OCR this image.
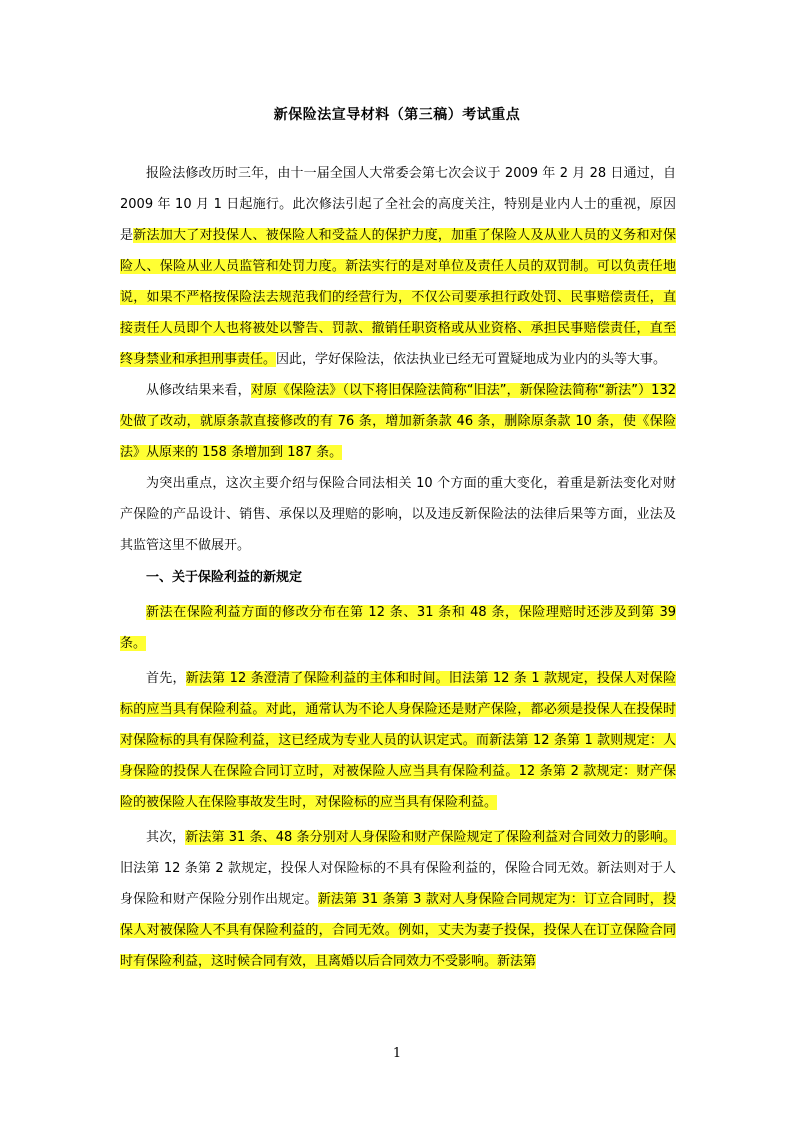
新保险法宣导材料（第三稿）考试重点

报险法修改历时三年，由十一届全国人大常委会第七次会议于 2009 年 2 月 28 日通过，自 2009 年 10 月 1 日起施行。此次修法引起了全社会的高度关注，特别是业内人士的重视，原因是新法加大了对投保人、被保险人和受益人的保护力度，加重了保险人及从业人员的义务和对保险人、保险从业人员监管和处罚力度。新法实行的是对单位及责任人员的双罚制。可以负责任地说，如果不严格按保险法去规范我们的经营行为，不仅公司要承担行政处罚、民事赔偿责任，直接责任人员即个人也将被处以警告、罚款、撤销任职资格或从业资格、承担民事赔偿责任，直至终身禁业和承担刑事责任。因此，学好保险法，依法执业已经无可置疑地成为业内的头等大事。

从修改结果来看，对原《保险法》（以下将旧保险法简称“旧法”，新保险法简称“新法”）132 处做了改动，就原条款直接修改的有 76 条，增加新条款 46 条，删除原条款 10 条，使《保险法》从原来的 158 条增加到 187 条。

为突出重点，这次主要介绍与保险合同法相关 10 个方面的重大变化，着重是新法变化对财产保险的产品设计、销售、承保以及理赔的影响，以及违反新保险法的法律后果等方面，业法及其监管这里不做展开。

一、关于保险利益的新规定

新法在保险利益方面的修改分布在第 12 条、31 条和 48 条，保险理赔时还涉及到第 39 条。

首先，新法第 12 条澄清了保险利益的主体和时间。旧法第 12 条 1 款规定，投保人对保险标的应当具有保险利益。对此，通常认为不论人身保险还是财产保险，都必须是投保人在投保时对保险标的具有保险利益，这已经成为专业人员的认识定式。而新法第 12 条第 1 款则规定：人身保险的投保人在保险合同订立时，对被保险人应当具有保险利益。12 条第 2 款规定：财产保险的被保险人在保险事故发生时，对保险标的应当具有保险利益。

其次，新法第 31 条、48 条分别对人身保险和财产保险规定了保险利益对合同效力的影响。旧法第 12 条第 2 款规定，投保人对保险标的不具有保险利益的，保险合同无效。新法则对于人身保险和财产保险分别作出规定。新法第 31 条第 3 款对人身保险合同规定为：订立合同时，投保人对被保险人不具有保险利益的，合同无效。例如，丈夫为妻子投保，投保人在订立保险合同时有保险利益，这时候合同有效，且离婚以后合同效力不受影响。新法第

1
